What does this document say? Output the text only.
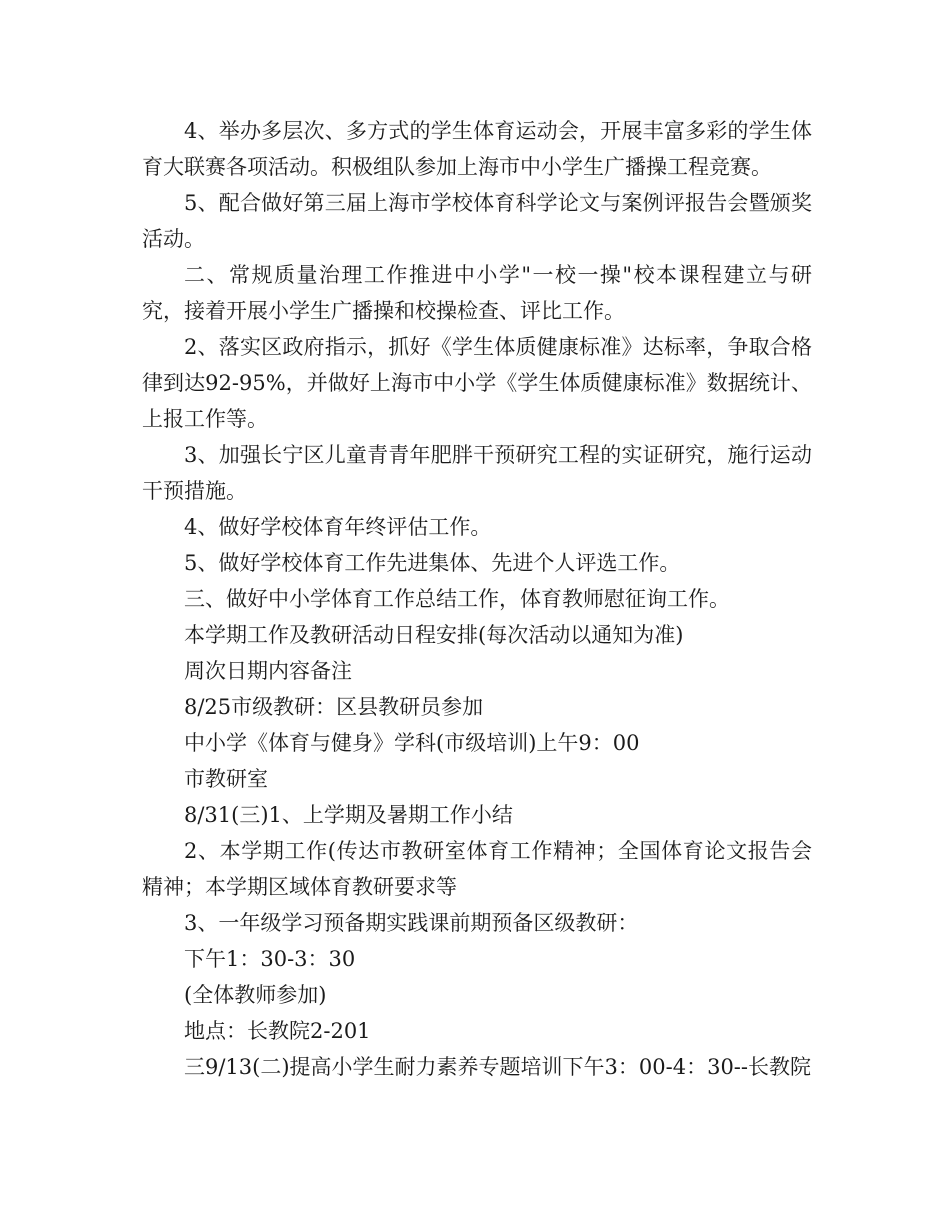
4、举办多层次、多方式的学生体育运动会，开展丰富多彩的学生体育大联赛各项活动。积极组队参加上海市中小学生广播操工程竞赛。

5、配合做好第三届上海市学校体育科学论文与案例评报告会暨颁奖活动。

二、常规质量治理工作推进中小学"一校一操"校本课程建立与研究，接着开展小学生广播操和校操检查、评比工作。

2、落实区政府指示，抓好《学生体质健康标准》达标率，争取合格律到达92-95%，并做好上海市中小学《学生体质健康标准》数据统计、上报工作等。

3、加强长宁区儿童青青年肥胖干预研究工程的实证研究，施行运动干预措施。

4、做好学校体育年终评估工作。

5、做好学校体育工作先进集体、先进个人评选工作。

三、做好中小学体育工作总结工作，体育教师慰征询工作。

本学期工作及教研活动日程安排(每次活动以通知为准)

周次日期内容备注

8/25市级教研：区县教研员参加

中小学《体育与健身》学科(市级培训)上午9：00

市教研室

8/31(三)1、上学期及暑期工作小结

2、本学期工作(传达市教研室体育工作精神；全国体育论文报告会精神；本学期区域体育教研要求等

3、一年级学习预备期实践课前期预备区级教研：

下午1：30-3：30

(全体教师参加)

地点：长教院2-201

三9/13(二)提高小学生耐力素养专题培训下午3：00-4：30--长教院
